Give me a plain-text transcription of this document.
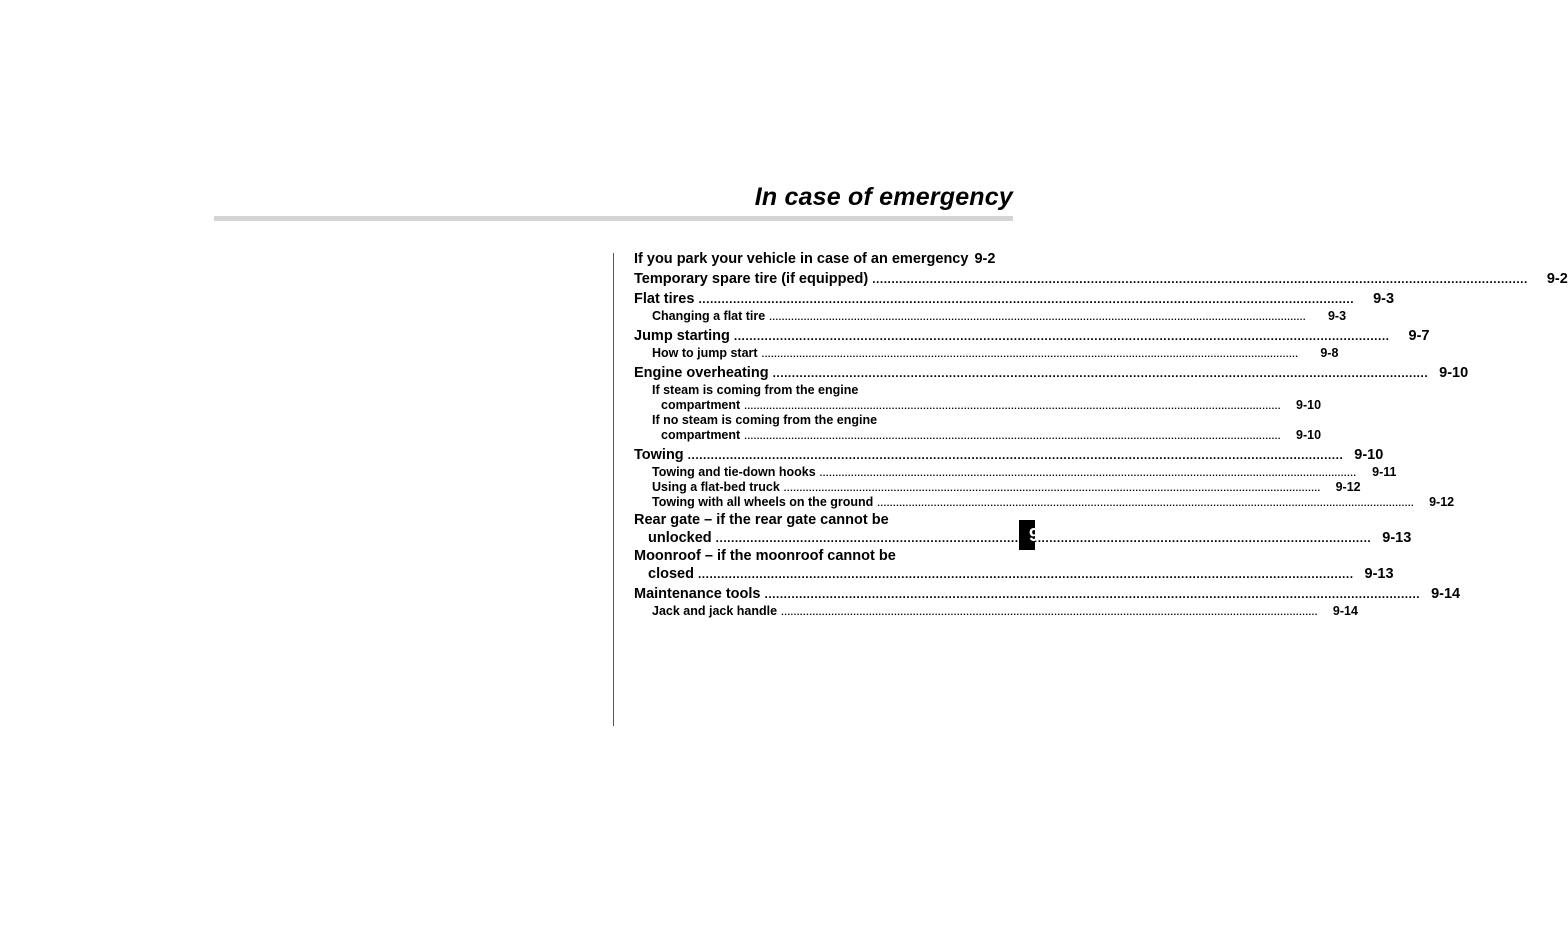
In case of emergency
If you park your vehicle in case of an emergency 9-2
Temporary spare tire (if equipped) .....	9-2
Flat tires .....	9-3
Changing a flat tire .....	9-3
Jump starting .....	9-7
How to jump start .....	9-8
Engine overheating .....	9-10
If steam is coming from the engine
compartment .....	9-10
If no steam is coming from the engine
compartment .....	9-10
Towing .....	9-10
Towing and tie-down hooks .....	9-11
Using a flat-bed truck .....	9-12
Towing with all wheels on the ground .....	9-12
Rear gate – if the rear gate cannot be
unlocked .....	9-13
Moonroof – if the moonroof cannot be
closed .....	9-13
Maintenance tools .....	9-14
Jack and jack handle .....	9-14
9
